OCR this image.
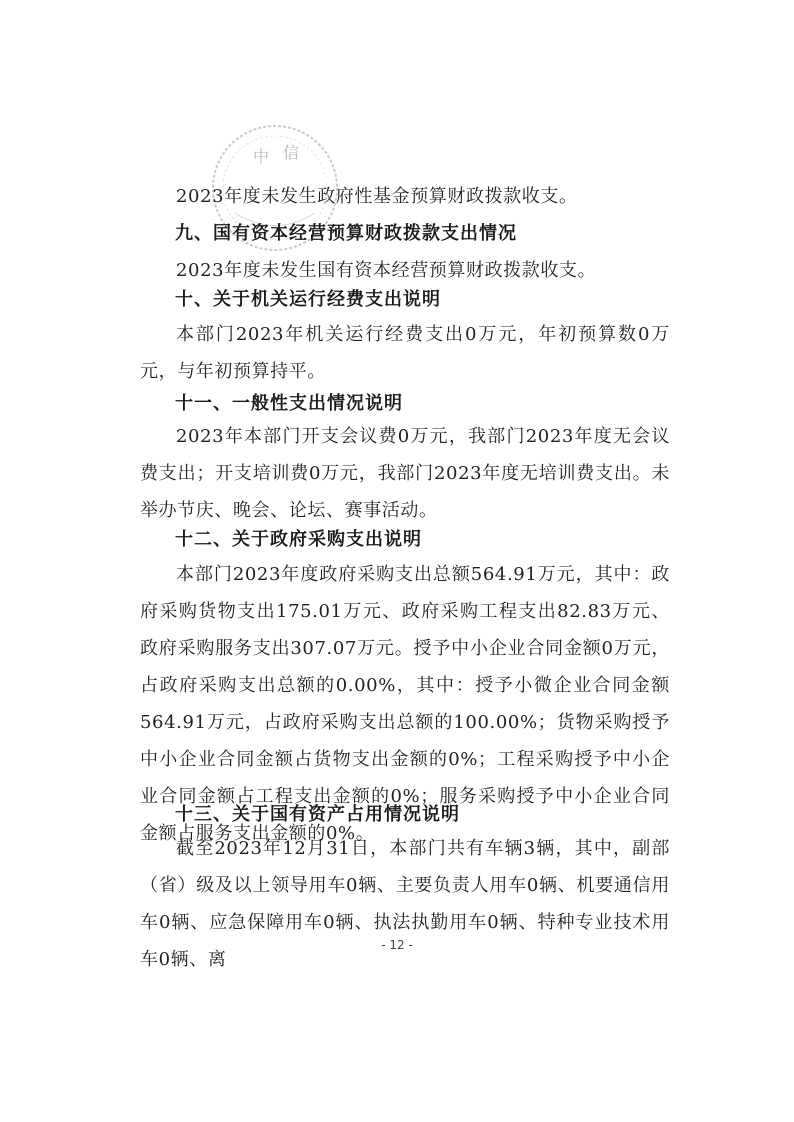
中 信
2023年度未发生政府性基金预算财政拨款收支。
九、国有资本经营预算财政拨款支出情况
2023年度未发生国有资本经营预算财政拨款收支。
十、关于机关运行经费支出说明
本部门2023年机关运行经费支出0万元，年初预算数0万元，与年初预算持平。
十一、一般性支出情况说明
2023年本部门开支会议费0万元，我部门2023年度无会议费支出；开支培训费0万元，我部门2023年度无培训费支出。未举办节庆、晚会、论坛、赛事活动。
十二、关于政府采购支出说明
本部门2023年度政府采购支出总额564.91万元，其中：政府采购货物支出175.01万元、政府采购工程支出82.83万元、政府采购服务支出307.07万元。授予中小企业合同金额0万元，占政府采购支出总额的0.00%，其中：授予小微企业合同金额564.91万元，占政府采购支出总额的100.00%；货物采购授予中小企业合同金额占货物支出金额的0%；工程采购授予中小企业合同金额占工程支出金额的0%；服务采购授予中小企业合同金额占服务支出金额的0%。
十三、关于国有资产占用情况说明
截至2023年12月31日，本部门共有车辆3辆，其中，副部（省）级及以上领导用车0辆、主要负责人用车0辆、机要通信用车0辆、应急保障用车0辆、执法执勤用车0辆、特种专业技术用车0辆、离
- 12 -
